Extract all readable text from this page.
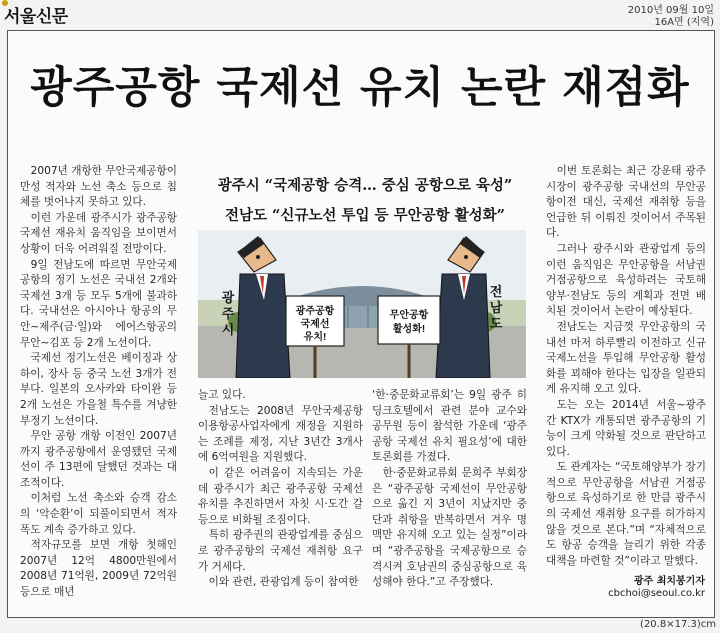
서울신문	2010년 09월 10일
16A면 (지역)
광주공항 국제선 유치 논란 재점화
광주시 “국제공항 승격… 중심 공항으로 육성”
전남도 “신규노선 투입 등 무안공항 활성화”
광주공항
국제선
유치!
무안공항
활성화!
광
주
시
전
남
도

2007년 개항한 무안국제공항이 만성 적자와 노선 축소 등으로 침체를 벗어나지 못하고 있다.

이런 가운데 광주시가 광주공항 국제선 재유치 움직임을 보이면서 상황이 더욱 어려워질 전망이다.

9일 전남도에 따르면 무안국제공항의 정기 노선은 국내선 2개와 국제선 3개 등 모두 5개에 불과하다. 국내선은 아시아나 항공의 무안∼제주(금·일)와 에어스항공의 무안∼김포 등 2개 노선이다.

국제선 정기노선은 베이징과 상하이, 장사 등 중국 노선 3개가 전부다. 일본의 오사카와 타이완 등 2개 노선은 가을철 특수를 겨냥한 부정기 노선이다.

무안 공항 개항 이전인 2007년까지 광주공항에서 운영됐던 국제선이 주 13편에 달했던 것과는 대조적이다.

이처럼 노선 축소와 승객 감소의 ‘악순환’이 되풀이되면서 적자폭도 계속 증가하고 있다.

적자규모를 보면 개항 첫해인 2007년 12억 4800만원에서 2008년 71억원, 2009년 72억원 등으로 매년

늘고 있다.

전남도는 2008년 무안국제공항 이용항공사업자에게 재정을 지원하는 조례를 제정, 지난 3년간 3개사에 6억여원을 지원했다.

이 같은 어려움이 지속되는 가운데 광주시가 최근 광주공항 국제선 유치를 추진하면서 자칫 시·도간 갈등으로 비화될 조짐이다.

특히 광주권의 관광업계를 중심으로 광주공항의 국제선 재취항 요구가 거세다.

이와 관련, 관광업계 등이 참여한

‘한·중문화교류회’는 9일 광주 히딩크호텔에서 관련 분야 교수와 공무원 등이 참석한 가운데 ‘광주공항 국제선 유치 필요성’에 대한 토론회를 가졌다.

한·중문화교류회 문희주 부회장은 “광주공항 국제선이 무안공항으로 옮긴 지 3년이 지났지만 중단과 취항을 반복하면서 겨우 명맥만 유지해 오고 있는 실정”이라며 “광주공항을 국제공항으로 승격시켜 호남권의 중심공항으로 육성해야 한다.”고 주장했다.

이번 토론회는 최근 강운태 광주시장이 광주공항 국내선의 무안공항이전 대신, 국제선 재취항 등을 언급한 뒤 이뤄진 것이어서 주목된다.

그러나 광주시와 관광업계 등의 이런 움직임은 무안공항을 서남권 거점공항으로 육성하려는 국토해양부·전남도 등의 계획과 전면 배치된 것이어서 논란이 예상된다.

전남도는 지금껏 무안공항의 국내선 마저 하루빨리 이전하고 신규 국제노선을 투입해 무안공항 활성화를 꾀해야 한다는 입장을 일관되게 유지해 오고 있다.

도는 오는 2014년 서울∼광주 간 KTX가 개통되면 광주공항의 기능이 크게 약화될 것으로 판단하고 있다.

도 관계자는 “국토해양부가 장기적으로 무안공항을 서남권 거점공항으로 육성하기로 한 만큼 광주시의 국제선 재취항 요구를 허가하지 않을 것으로 본다.”며 “자체적으로도 항공 승객을 늘리기 위한 각종 대책을 마련할 것”이라고 말했다.

광주 최치봉기자
cbchoi@seoul.co.kr
(20.8×17.3)cm
